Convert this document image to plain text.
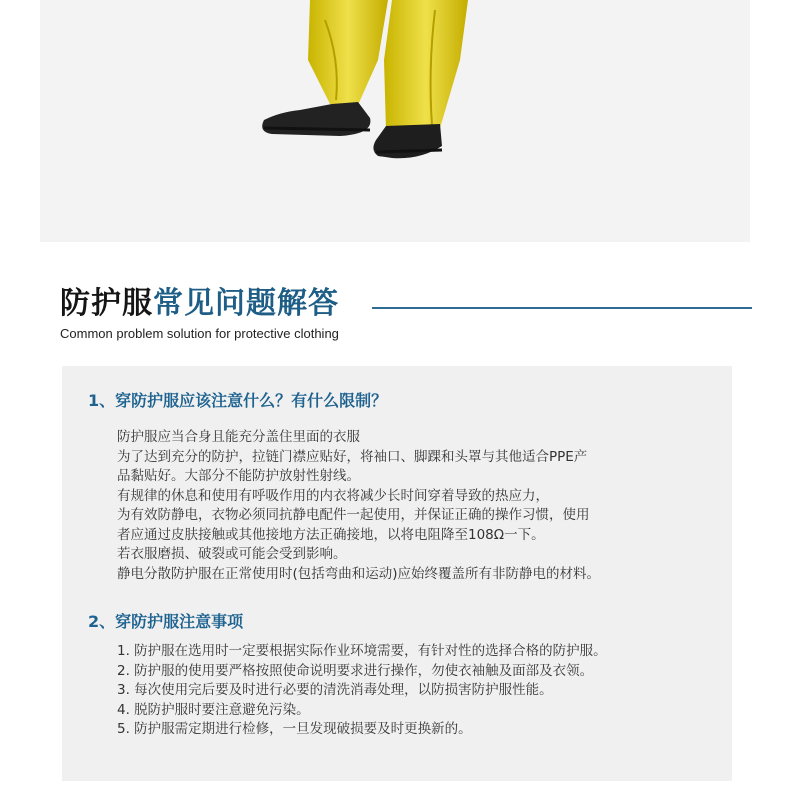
防护服常见问题解答
Common problem solution for protective clothing
1、穿防护服应该注意什么？有什么限制？
防护服应当合身且能充分盖住里面的衣服
为了达到充分的防护，拉链门襟应贴好，将袖口、脚踝和头罩与其他适合PPE产
品黏贴好。大部分不能防护放射性射线。
有规律的休息和使用有呼吸作用的内衣将减少长时间穿着导致的热应力，
为有效防静电，衣物必须同抗静电配件一起使用，并保证正确的操作习惯，使用
者应通过皮肤接触或其他接地方法正确接地，以将电阻降至108Ω一下。
若衣服磨损、破裂或可能会受到影响。
静电分散防护服在正常使用时(包括弯曲和运动)应始终覆盖所有非防静电的材料。
2、穿防护服注意事项
1. 防护服在选用时一定要根据实际作业环境需要，有针对性的选择合格的防护服。
2. 防护服的使用要严格按照使命说明要求进行操作，勿使衣袖触及面部及衣领。
3. 每次使用完后要及时进行必要的清洗消毒处理，以防损害防护服性能。
4. 脱防护服时要注意避免污染。
5. 防护服需定期进行检修，一旦发现破损要及时更换新的。
